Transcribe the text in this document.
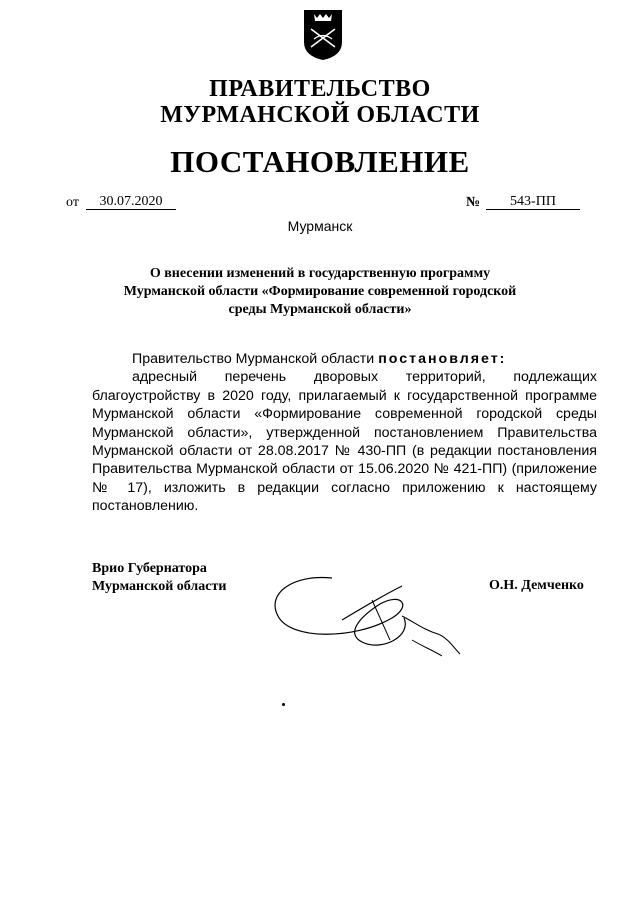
ПРАВИТЕЛЬСТВО
МУРМАНСКОЙ ОБЛАСТИ
ПОСТАНОВЛЕНИЕ
от	30.07.2020	№	543-ПП
Мурманск
О внесении изменений в государственную программу
Мурманской области «Формирование современной городской
среды Мурманской области»

Правительство Мурманской области постановляет:

адресный перечень дворовых территорий, подлежащих благоустройству в 2020 году, прилагаемый к государственной программе Мурманской области «Формирование современной городской среды Мурманской области», утвержденной постановлением Правительства Мурманской области от 28.08.2017 № 430-ПП (в редакции постановления Правительства Мурманской области от 15.06.2020 № 421-ПП) (приложение № 17), изложить в редакции согласно приложению к настоящему постановлению.

Врио Губернатора
Мурманской области	О.Н. Демченко
